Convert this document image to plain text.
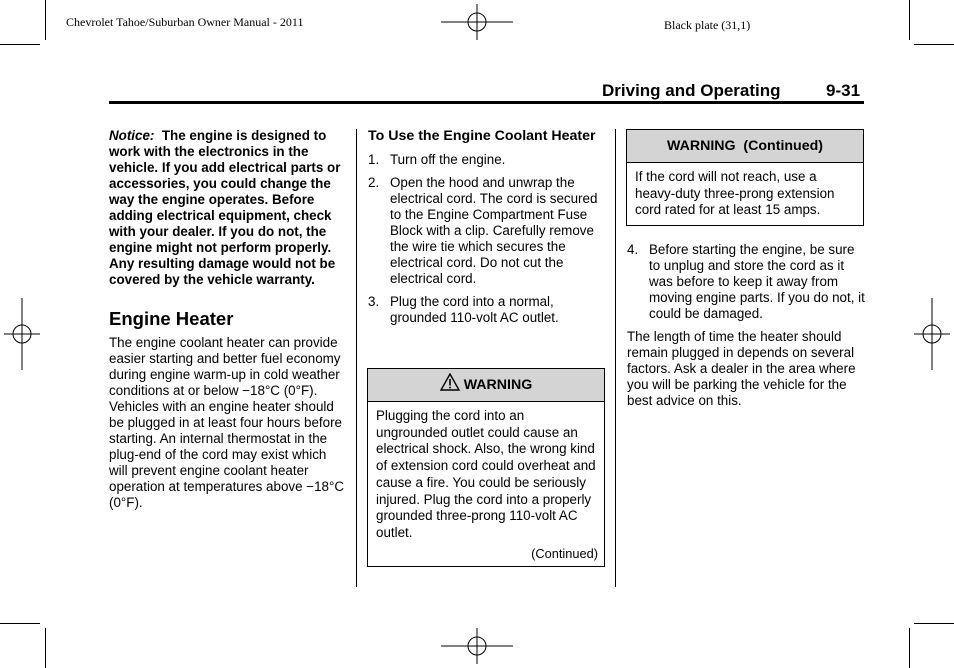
Chevrolet Tahoe/Suburban Owner Manual - 2011	Black plate (31,1)
Driving and Operating	9-31

Notice: The engine is designed to work with the electronics in the vehicle. If you add electrical parts or accessories, you could change the way the engine operates. Before adding electrical equipment, check with your dealer. If you do not, the engine might not perform properly. Any resulting damage would not be covered by the vehicle warranty.

Engine Heater

The engine coolant heater can provide easier starting and better fuel economy during engine warm-up in cold weather conditions at or below −18°C (0°F). Vehicles with an engine heater should be plugged in at least four hours before starting. An internal thermostat in the plug-end of the cord may exist which will prevent engine coolant heater operation at temperatures above −18°C (0°F).

To Use the Engine Coolant Heater
1. Turn off the engine.
2. Open the hood and unwrap the electrical cord. The cord is secured to the Engine Compartment Fuse Block with a clip. Carefully remove the wire tie which secures the electrical cord. Do not cut the electrical cord.
3. Plug the cord into a normal, grounded 110-volt AC outlet.
WARNING
Plugging the cord into an ungrounded outlet could cause an electrical shock. Also, the wrong kind of extension cord could overheat and cause a fire. You could be seriously injured. Plug the cord into a properly grounded three-prong 110-volt AC outlet.
(Continued)
WARNING  (Continued)
If the cord will not reach, use a heavy-duty three-prong extension cord rated for at least 15 amps.
4. Before starting the engine, be sure to unplug and store the cord as it was before to keep it away from moving engine parts. If you do not, it could be damaged.

The length of time the heater should remain plugged in depends on several factors. Ask a dealer in the area where you will be parking the vehicle for the best advice on this.
